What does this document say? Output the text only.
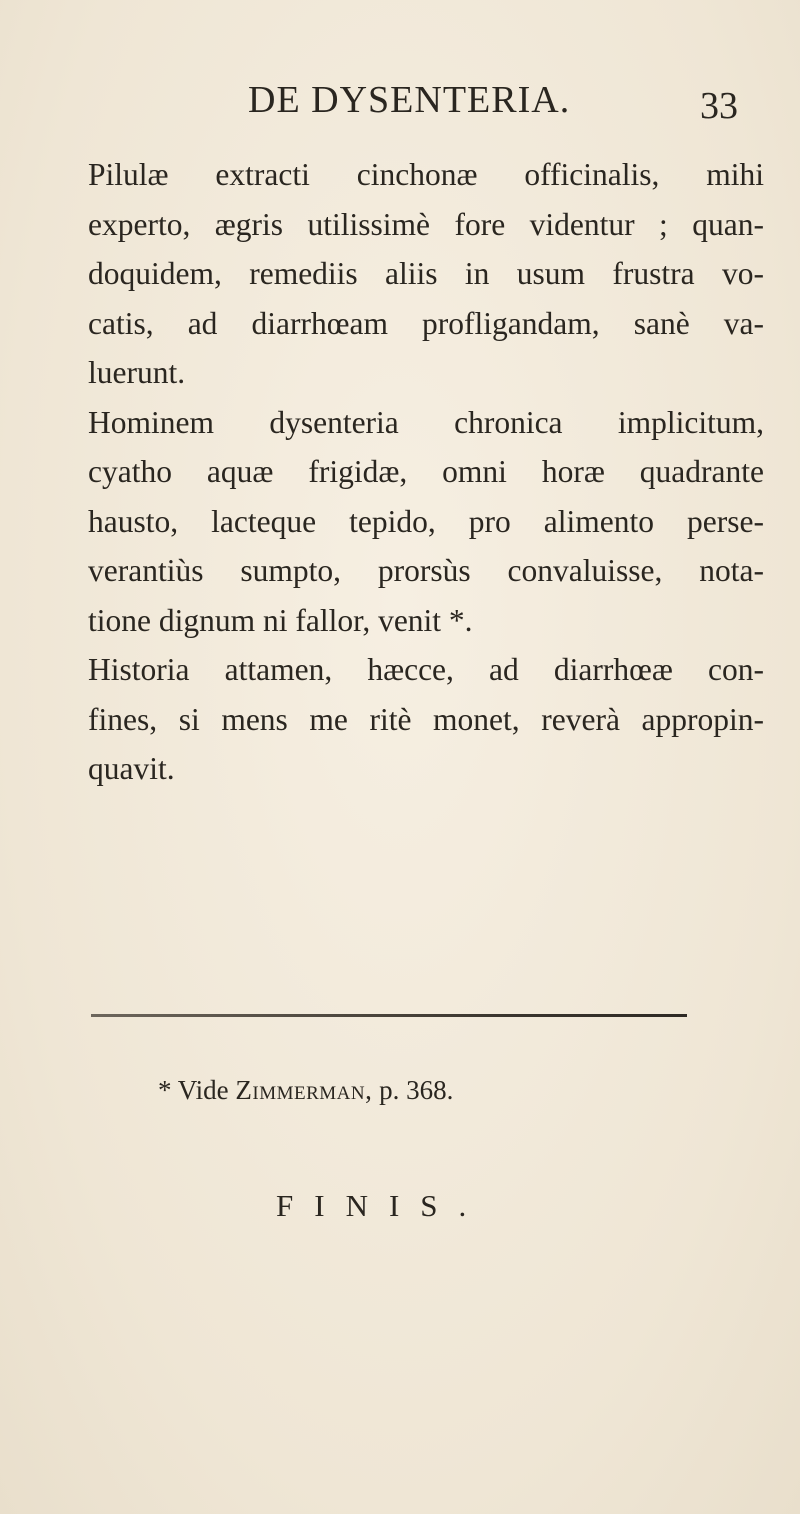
DE DYSENTERIA.	33

Pilulæ extracti cinchonæ officinalis, mihi
experto, ægris utilissimè fore videntur ; quan-
doquidem, remediis aliis in usum frustra vo-
catis, ad diarrhœam profligandam, sanè va-
luerunt.

Hominem dysenteria chronica implicitum,
cyatho aquæ frigidæ, omni horæ quadrante
hausto, lacteque tepido, pro alimento perse-
verantiùs sumpto, prorsùs convaluisse, nota-
tione dignum ni fallor, venit *.

Historia attamen, hæcce, ad diarrhœæ con-
fines, si mens me ritè monet, reverà appropin-
quavit.

* Vide Zimmerman, p. 368.
FINIS.
